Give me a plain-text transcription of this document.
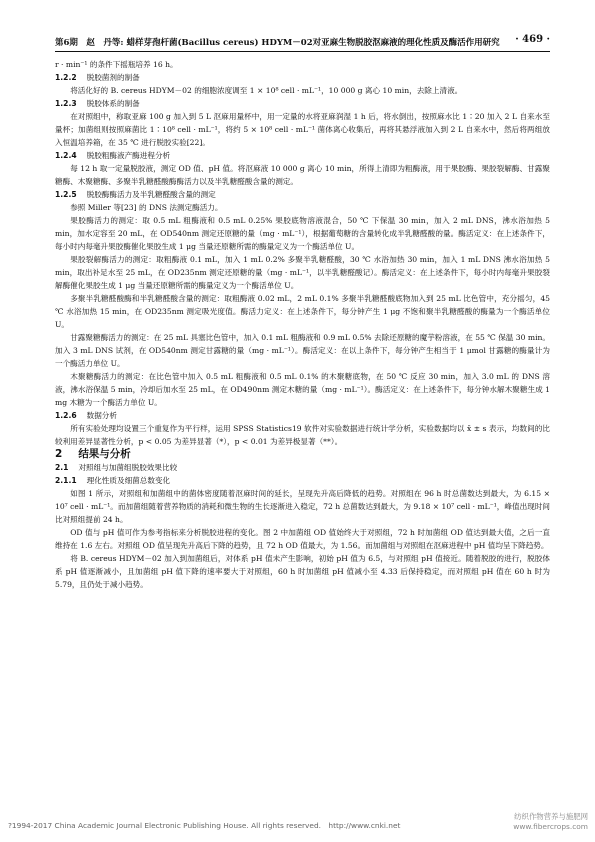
第6期　赵　丹等: 蜡样芽孢杆菌(Bacillus cereus) HDYM－02对亚麻生物脱胶沤麻液的理化性质及酶活作用研究 · 469 ·

r · min⁻¹ 的条件下摇瓶培养 16 h。

1.2.2 脱胶菌剂的制备

将活化好的 B. cereus HDYM－02 的细胞浓度调至 1 × 10⁸ cell · mL⁻¹，10 000 g 离心 10 min，去除上清液。

1.2.3 脱胶体系的制备

在对照组中，称取亚麻 100 g 加入到 5 L 沤麻用量杯中，用一定量的水将亚麻润湿 1 h 后，将水倒出，按照麻水比 1∶20 加入 2 L 自来水至量杯；加菌组则按照麻菌比 1∶10⁸ cell · mL⁻¹，将约 5 × 10⁸ cell · mL⁻¹ 菌体离心收集后，再将其悬浮液加入到 2 L 自来水中，然后将两组放入恒温培养箱，在 35 ℃ 进行脱胶实验[22]。

1.2.4 脱胶粗酶液产酶进程分析

每 12 h 取一定量脱胶液，测定 OD 值、pH 值。将沤麻液 10 000 g 离心 10 min，所得上清即为粗酶液，用于果胶酶、果胶裂解酶、甘露聚糖酶、木聚糖酶、多聚半乳糖醛酸酶酶活力以及半乳糖醛酸含量的测定。

1.2.5 脱胶酶酶活力及半乳糖醛酸含量的测定

参照 Miller 等[23] 的 DNS 法测定酶活力。

果胶酶活力的测定：取 0.5 mL 粗酶液和 0.5 mL 0.25% 果胶底物溶液混合，50 ℃ 下保温 30 min，加入 2 mL DNS，沸水浴加热 5 min，加水定容至 20 mL，在 OD540nm 测定还原糖的量（mg · mL⁻¹），根据葡萄糖的含量转化成半乳糖醛酸的量。酶活定义：在上述条件下，每小时内每毫升果胶酶催化果胶生成 1 μg 当量还原糖所需的酶量定义为一个酶活单位 U。

果胶裂解酶活力的测定：取粗酶液 0.1 mL，加入 1 mL 0.2% 多聚半乳糖醛酸，30 ℃ 水浴加热 30 min，加入 1 mL DNS 沸水浴加热 5 min，取出补足水至 25 mL，在 OD235nm 测定还原糖的量（mg · mL⁻¹，以半乳糖醛酸记）。酶活定义：在上述条件下，每小时内每毫升果胶裂解酶催化果胶生成 1 μg 当量还原糖所需的酶量定义为一个酶活单位 U。

多聚半乳糖醛酸酶和半乳糖醛酸含量的测定：取粗酶液 0.02 mL，2 mL 0.1% 多聚半乳糖醛酸底物加入到 25 mL 比色管中，充分摇匀，45 ℃ 水浴加热 15 min，在 OD235nm 测定吸光度值。酶活力定义：在上述条件下，每分钟产生 1 μg 不饱和聚半乳糖醛酸的酶量为一个酶活单位 U。

甘露聚糖酶活力的测定：在 25 mL 具塞比色管中，加入 0.1 mL 粗酶液和 0.9 mL 0.5% 去除还原糖的魔芋粉溶液，在 55 ℃ 保温 30 min。加入 3 mL DNS 试剂，在 OD540nm 测定甘露糖的量（mg · mL⁻¹）。酶活定义：在以上条件下，每分钟产生相当于 1 μmol 甘露糖的酶量计为一个酶活力单位 U。

木聚糖酶活力的测定：在比色管中加入 0.5 mL 粗酶液和 0.5 mL 0.1% 的木聚糖底物，在 50 ℃ 反应 30 min，加入 3.0 mL 的 DNS 溶液，沸水浴保温 5 min，冷却后加水至 25 mL，在 OD490nm 测定木糖的量（mg · mL⁻¹）。酶活定义：在上述条件下，每分钟水解木聚糖生成 1 mg 木糖为一个酶活力单位 U。

1.2.6 数据分析

所有实验处理均设置三个重复作为平行样，运用 SPSS Statistics19 软件对实验数据进行统计学分析，实验数据均以 x̄ ± s 表示，均数间的比较利用差异显著性分析，p < 0.05 为差异显著（*），p < 0.01 为差异极显著（**）。

2 结果与分析

2.1 对照组与加菌组脱胶效果比较

2.1.1 理化性质及细菌总数变化

如图 1 所示，对照组和加菌组中的菌体密度随着沤麻时间的延长，呈现先升高后降低的趋势。对照组在 96 h 时总菌数达到最大，为 6.15 × 10⁷ cell · mL⁻¹。而加菌组随着营养物质的消耗和微生物的生长逐渐进入稳定，72 h 总菌数达到最大，为 9.18 × 10⁷ cell · mL⁻¹，峰值出现时间比对照组提前 24 h。

OD 值与 pH 值可作为参考指标来分析脱胶进程的变化。图 2 中加菌组 OD 值始终大于对照组，72 h 时加菌组 OD 值达到最大值，之后一直维持在 1.6 左右。对照组 OD 值呈现先升高后下降的趋势，且 72 h OD 值最大，为 1.56。而加菌组与对照组在沤麻进程中 pH 值均呈下降趋势。

将 B. cereus HDYM－02 加入到加菌组后，对体系 pH 值未产生影响，初始 pH 值为 6.5，与对照组 pH 值接近。随着脱胶的进行，脱胶体系 pH 值逐渐减小，且加菌组 pH 值下降的速率要大于对照组，60 h 时加菌组 pH 值减小至 4.33 后保持稳定，而对照组 pH 值在 60 h 时为 5.79，且仍处于减小趋势。

?1994-2017 China Academic Journal Electronic Publishing House. All rights reserved.　http://www.cnki.net
纺织作物营养与施肥网
www.fibercrops.com
